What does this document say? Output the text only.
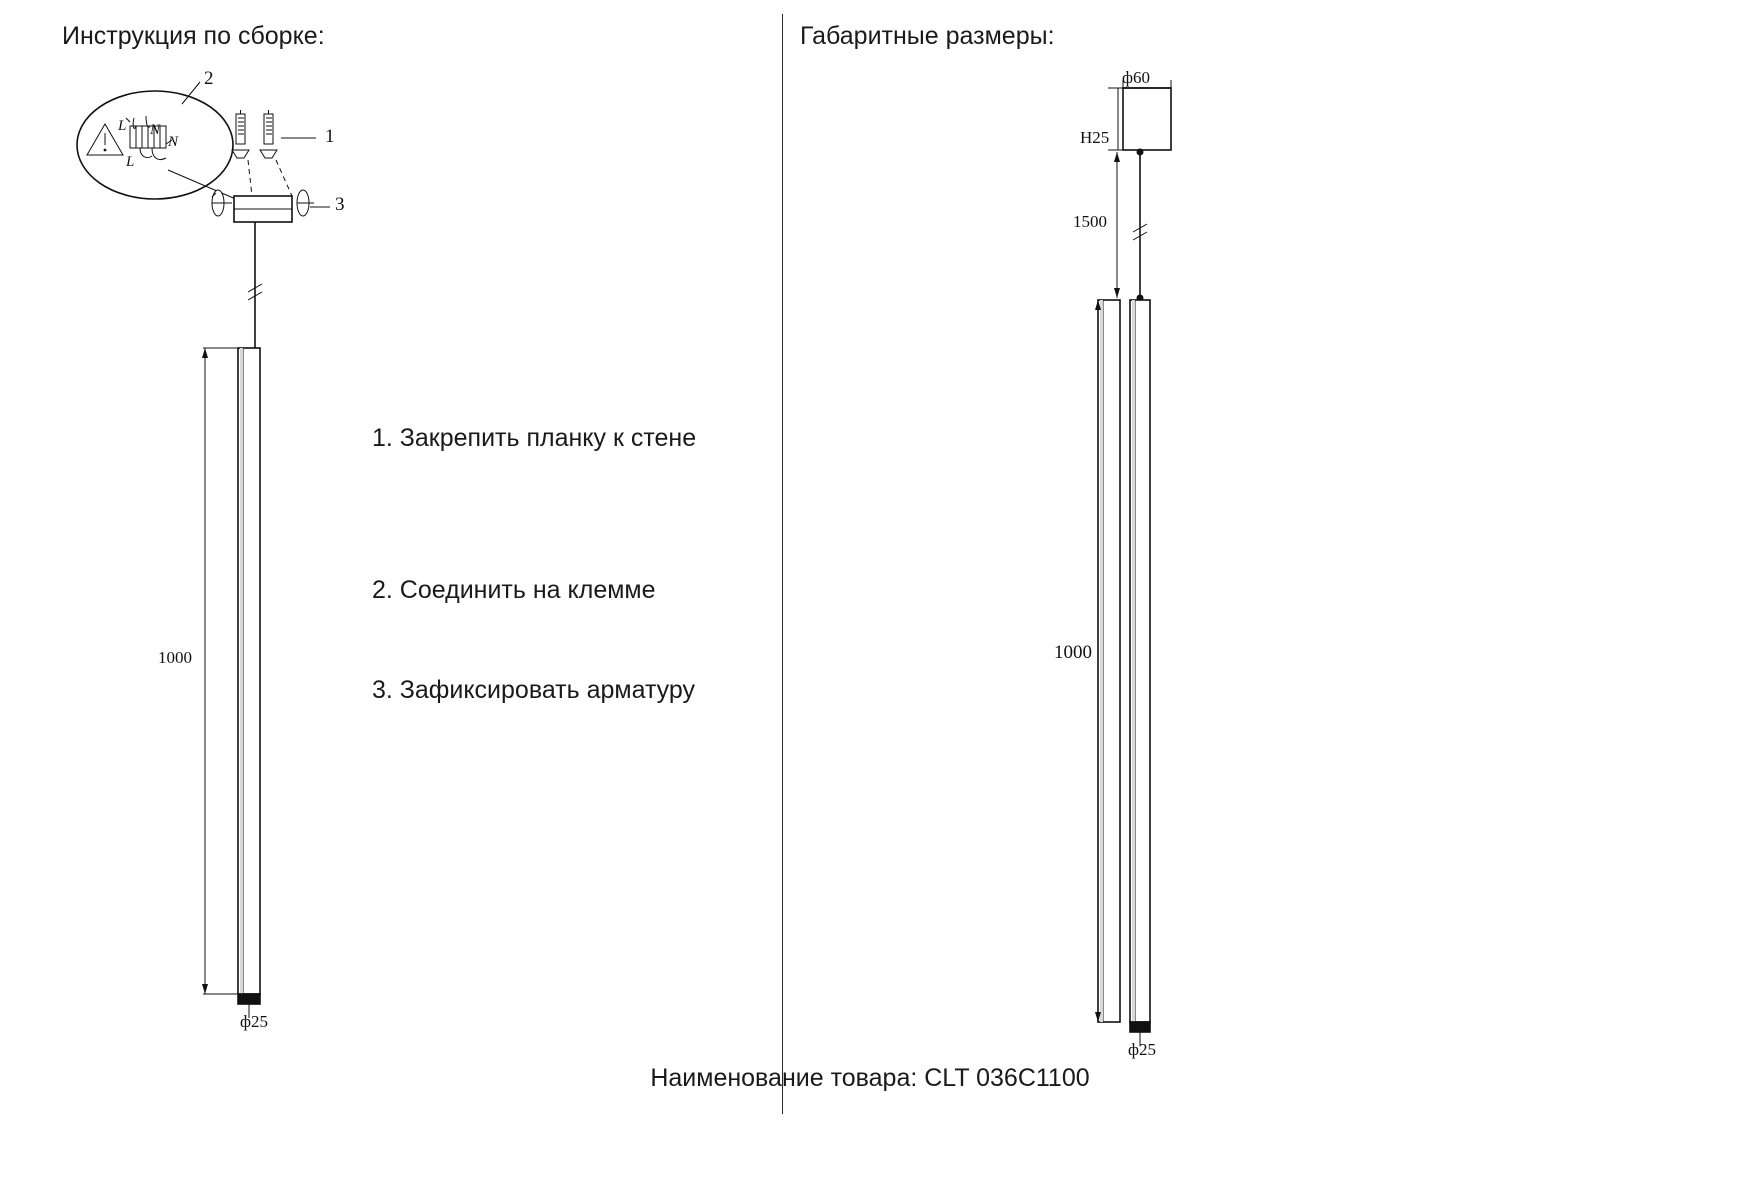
Инструкция по сборке:	Габаритные размеры:
2
1
3
L N
N
L
1000
ф25
1. Закрепить планку к стене
2. Соединить на клемме
3. Зафиксировать арматуру
ф60
H25
1500
1000
ф25
Наименование товара: CLT 036C1100
